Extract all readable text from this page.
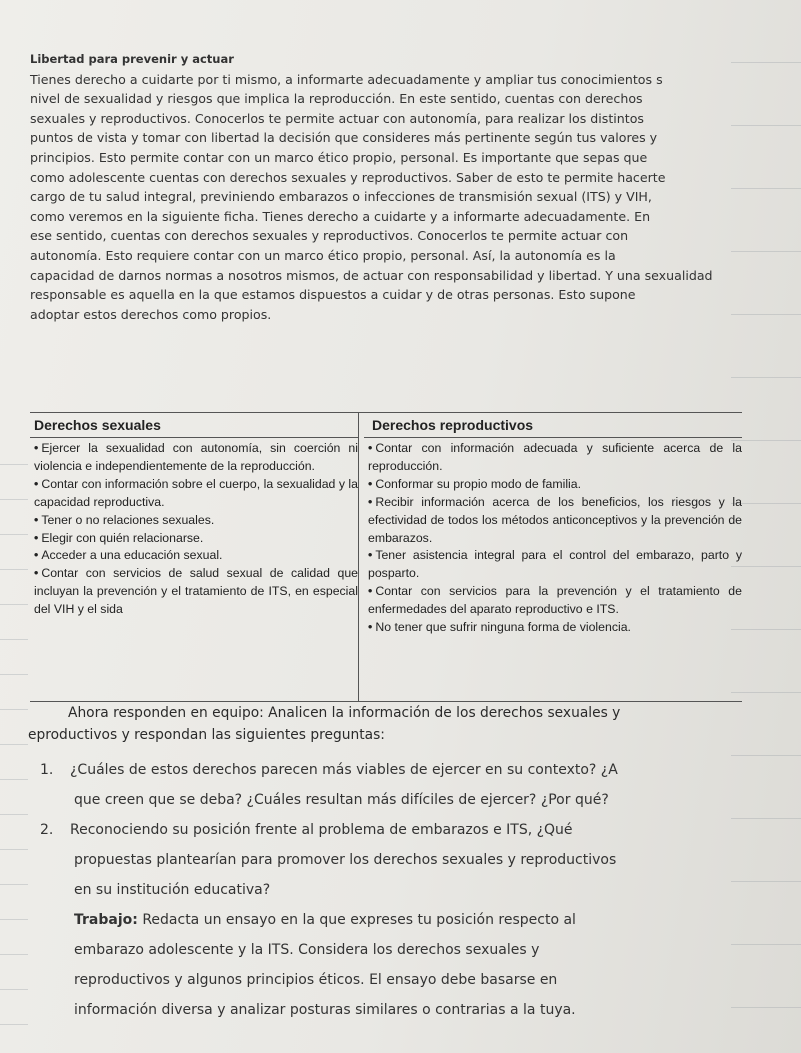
Libertad para prevenir y actuar

Tienes derecho a cuidarte por ti mismo, a informarte adecuadamente y ampliar tus conocimientos s

nivel de sexualidad y riesgos que implica la reproducción. En este sentido, cuentas con derechos

sexuales y reproductivos. Conocerlos te permite actuar con autonomía, para realizar los distintos

puntos de vista y tomar con libertad la decisión que consideres más pertinente según tus valores y

principios. Esto permite contar con un marco ético propio, personal. Es importante que sepas que

como adolescente cuentas con derechos sexuales y reproductivos. Saber de esto te permite hacerte

cargo de tu salud integral, previniendo embarazos o infecciones de transmisión sexual (ITS) y VIH,

como veremos en la siguiente ficha. Tienes derecho a cuidarte y a informarte adecuadamente. En

ese sentido, cuentas con derechos sexuales y reproductivos. Conocerlos te permite actuar con

autonomía. Esto requiere contar con un marco ético propio, personal. Así, la autonomía es la

capacidad de darnos normas a nosotros mismos, de actuar con responsabilidad y libertad. Y una sexualidad

responsable es aquella en la que estamos dispuestos a cuidar y de otras personas. Esto supone

adoptar estos derechos como propios.

Derechos sexuales
• Ejercer la sexualidad con autonomía, sin coerción ni violencia e independientemente de la reproducción.
• Contar con información sobre el cuerpo, la sexualidad y la capacidad reproductiva.
• Tener o no relaciones sexuales.
• Elegir con quién relacionarse.
• Acceder a una educación sexual.
• Contar con servicios de salud sexual de calidad que incluyan la prevención y el tratamiento de ITS, en especial del VIH y el sida
Derechos reproductivos
• Contar con información adecuada y suficiente acerca de la reproducción.
• Conformar su propio modo de familia.
• Recibir información acerca de los beneficios, los riesgos y la efectividad de todos los métodos anticonceptivos y la prevención de embarazos.
• Tener asistencia integral para el control del embarazo, parto y posparto.
• Contar con servicios para la prevención y el tratamiento de enfermedades del aparato reproductivo e ITS.
• No tener que sufrir ninguna forma de violencia.

Ahora responden en equipo: Analicen la información de los derechos sexuales y

eproductivos y respondan las siguientes preguntas:

1. ¿Cuáles de estos derechos parecen más viables de ejercer en su contexto? ¿A

que creen que se deba? ¿Cuáles resultan más difíciles de ejercer? ¿Por qué?

2. Reconociendo su posición frente al problema de embarazos e ITS, ¿Qué

propuestas plantearían para promover los derechos sexuales y reproductivos

en su institución educativa?

Trabajo: Redacta un ensayo en la que expreses tu posición respecto al

embarazo adolescente y la ITS. Considera los derechos sexuales y

reproductivos y algunos principios éticos. El ensayo debe basarse en

información diversa y analizar posturas similares o contrarias a la tuya.
